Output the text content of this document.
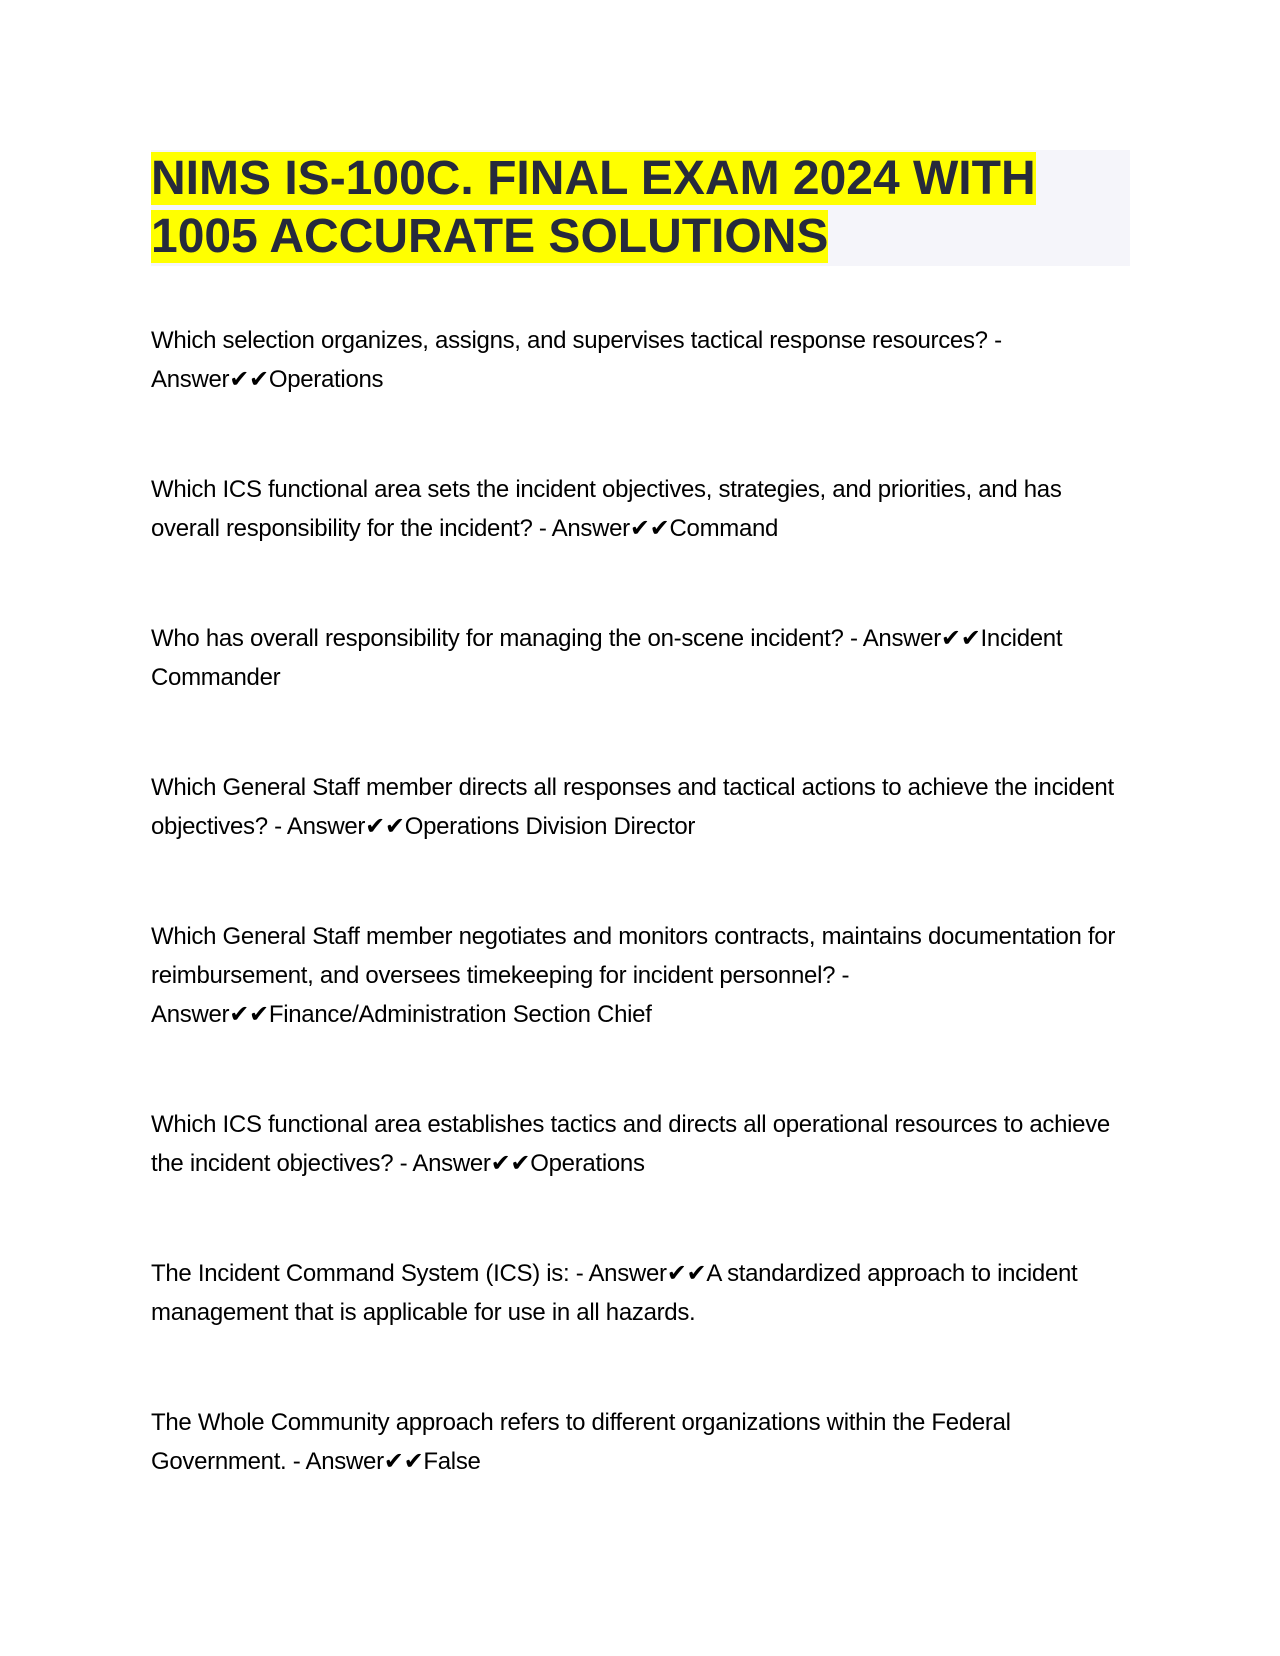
NIMS IS-100C. FINAL EXAM 2024 WITH 1005 ACCURATE SOLUTIONS

Which selection organizes, assigns, and supervises tactical response resources? - Answer✔✔Operations

Which ICS functional area sets the incident objectives, strategies, and priorities, and has overall responsibility for the incident? - Answer✔✔Command

Who has overall responsibility for managing the on-scene incident? - Answer✔✔Incident Commander

Which General Staff member directs all responses and tactical actions to achieve the incident objectives? - Answer✔✔Operations Division Director

Which General Staff member negotiates and monitors contracts, maintains documentation for reimbursement, and oversees timekeeping for incident personnel? - Answer✔✔Finance/Administration Section Chief

Which ICS functional area establishes tactics and directs all operational resources to achieve the incident objectives? - Answer✔✔Operations

The Incident Command System (ICS) is: - Answer✔✔A standardized approach to incident management that is applicable for use in all hazards.

The Whole Community approach refers to different organizations within the Federal Government. - Answer✔✔False
